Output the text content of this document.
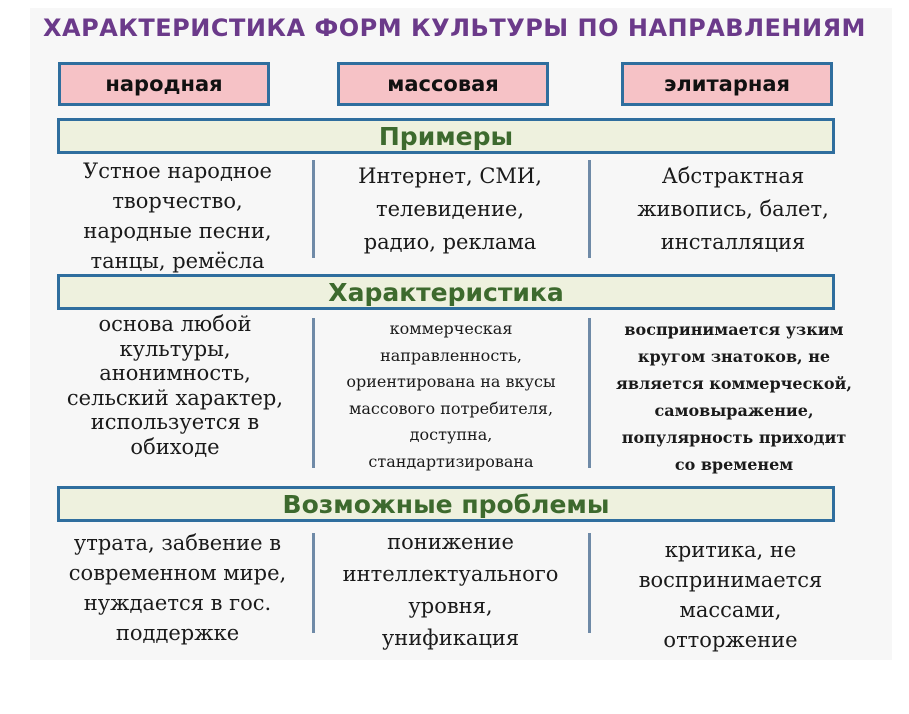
ХАРАКТЕРИСТИКА ФОРМ КУЛЬТУРЫ ПО НАПРАВЛЕНИЯМ
народная	массовая	элитарная
Примеры
Устное народное
творчество,
народные песни,
танцы, ремёсла
Интернет, СМИ,
телевидение,
радио, реклама
Абстрактная
живопись, балет,
инсталляция
Характеристика
основа любой
культуры,
анонимность,
сельский характер,
используется в
обиходе
коммерческая
направленность,
ориентирована на вкусы
массового потребителя,
доступна,
стандартизирована
воспринимается узким
кругом знатоков, не
является коммерческой,
самовыражение,
популярность приходит
со временем
Возможные проблемы
утрата, забвение в
современном мире,
нуждается в гос.
поддержке
понижение
интеллектуального
уровня,
унификация
критика, не
воспринимается
массами,
отторжение
